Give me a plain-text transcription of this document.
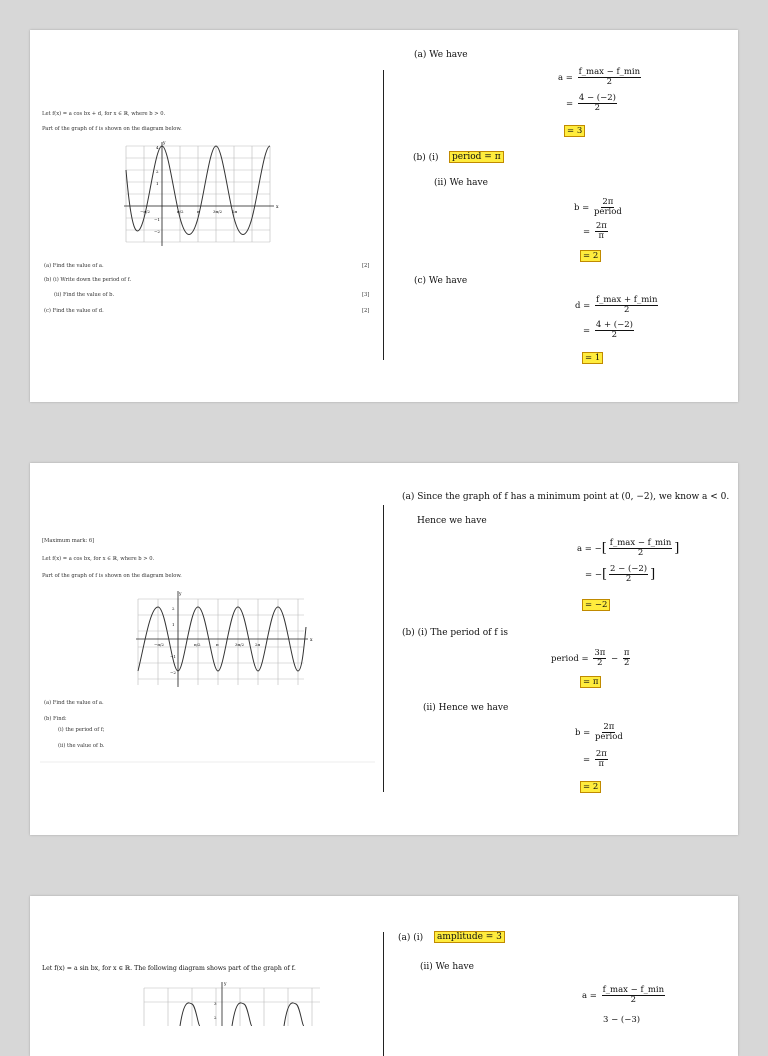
Let f(x) = a cos bx + d, for x ∈ ℝ, where b > 0.
Part of the graph of f is shown on the diagram below.
y
x
4
2
1
−1
−2
−π/2	π/2	π	3π/2 2π
(a) Find the value of a.	[2]
(b) (i) Write down the period of f.
(ii) Find the value of b.	[3]
(c) Find the value of d.	[2]
(a) We have
$a = \frac{f\_\max - f\_\min}{2}$
= $\frac{4 - (-2)}{2}$
= 3
(b) (i)	period = π
(ii) We have
$b = \frac{2\pi}{\text{period}}$
= $\frac{2\pi}{\pi}$
= 2
(c) We have
$d = \frac{f\_\max + f\_\min}{2}$
= $\frac{4 + (-2)}{2}$
= 1
[Maximum mark: 6]
Let f(x) = a cos bx, for x ∈ ℝ, where b > 0.
Part of the graph of f is shown on the diagram below.
y
x
2
1
−1
−2
−π/2	π/2	π	3π/2	2π
(a) Find the value of a.
(b) Find:
(i) the period of f;
(ii) the value of b.
(a) Since the graph of f has a minimum point at (0, −2), we know a < 0.
Hence we have
a = −[ $\frac{f\_\max - f\_\min}{2}$ ]
= −[ $\frac{2 - (-2)}{2}$ ]
= −2
(b) (i) The period of f is
period = $\frac{3\pi}{2} - \frac{\pi}{2}$
= π
(ii) Hence we have
$b = \frac{2\pi}{\text{period}}$
= $\frac{2\pi}{\pi}$
= 2
Let f(x) = a sin bx, for x ∈ ℝ. The following diagram shows part of the graph of f.
y
3
2
(a) (i)	amplitude = 3
(ii) We have
$a = \frac{f\_\max - f\_\min}{2}$
3 − (−3)
